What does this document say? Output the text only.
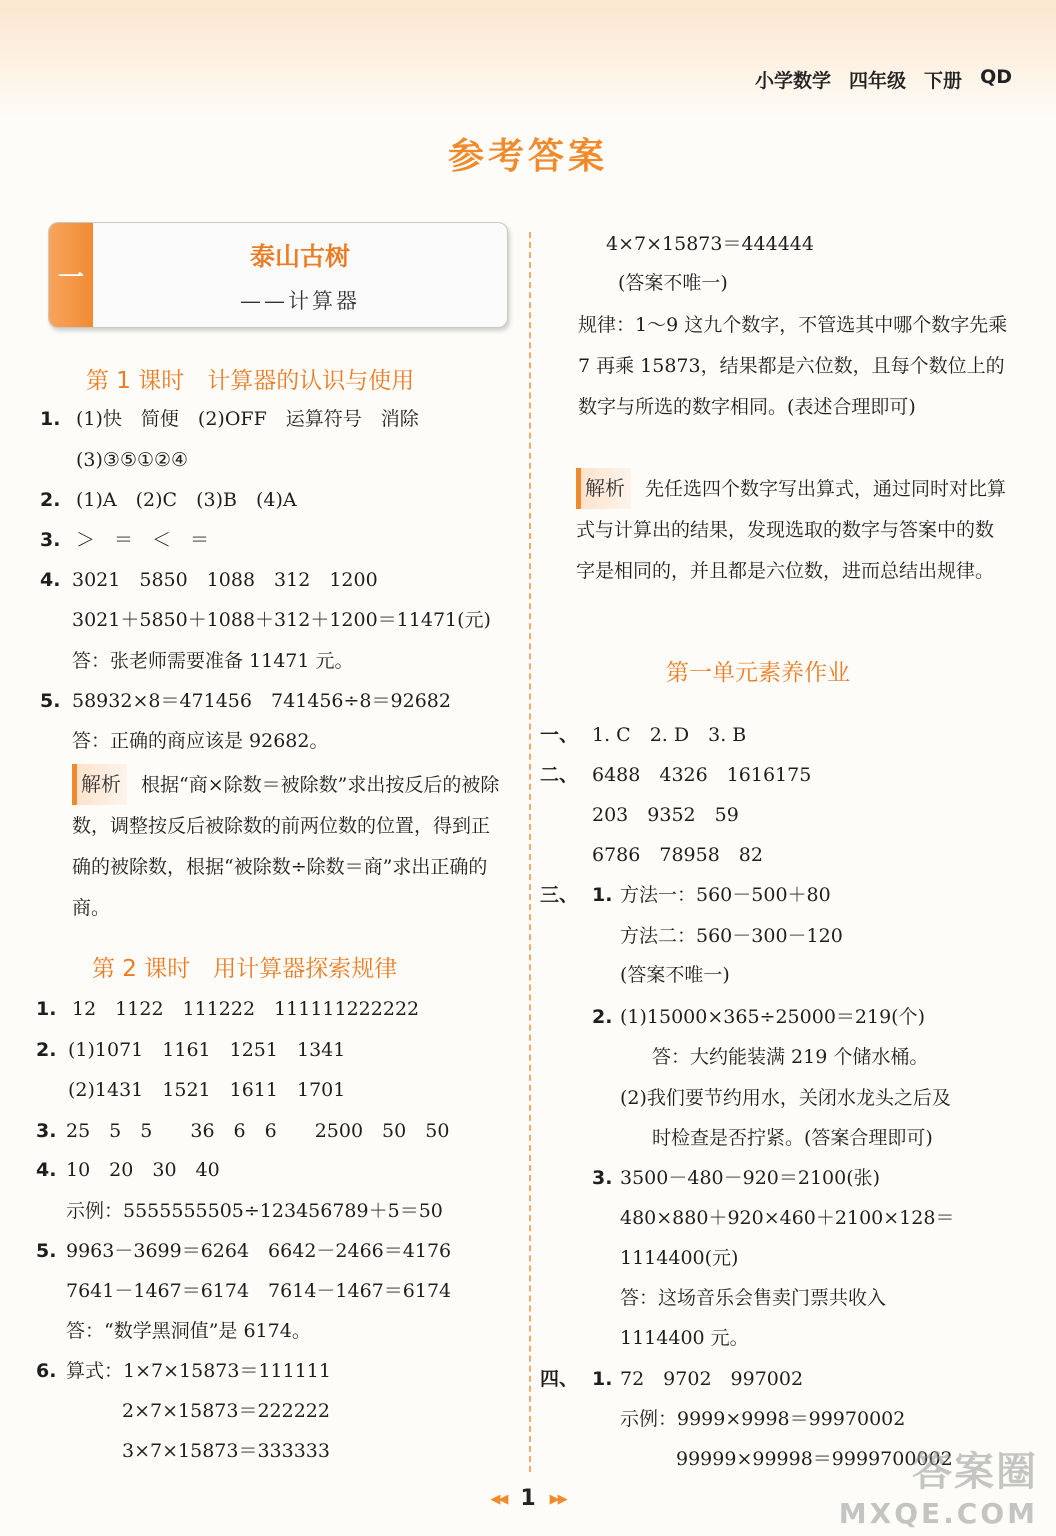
小学数学 四年级 下册 QD
参考答案
一
泰山古树
——计算器
第 1 课时　计算器的认识与使用
1. (1)快　简便　(2)OFF　运算符号　消除
(3)③⑤①②④
2. (1)A　(2)C　(3)B　(4)A
3. ＞　＝　＜　＝
4. 3021　5850　1088　312　1200
3021＋5850＋1088＋312＋1200＝11471(元)
答：张老师需要准备 11471 元。
5. 58932×8＝471456　741456÷8＝92682
答：正确的商应该是 92682。
解析 根据“商×除数＝被除数”求出按反后的被除数，调整按反后被除数的前两位数的位置，得到正确的被除数，根据“被除数÷除数＝商”求出正确的商。
第 2 课时　用计算器探索规律
1. 12　1122　111222　111111222222
2. (1)1071　1161　1251　1341
(2)1431　1521　1611　1701
3. 25　5　5　　36　6　6　　2500　50　50
4. 10　20　30　40
示例：5555555505÷123456789＋5＝50
5. 9963－3699＝6264　6642－2466＝4176
7641－1467＝6174　7614－1467＝6174
答：“数学黑洞值”是 6174。
6. 算式：1×7×15873＝111111
2×7×15873＝222222
3×7×15873＝333333
4×7×15873＝444444
(答案不唯一)
规律：1～9 这九个数字，不管选其中哪个数字先乘 7 再乘 15873，结果都是六位数，且每个数位上的数字与所选的数字相同。(表述合理即可)
解析 先任选四个数字写出算式，通过同时对比算式与计算出的结果，发现选取的数字与答案中的数字是相同的，并且都是六位数，进而总结出规律。
第一单元素养作业
一、 1. C　2. D　3. B
二、 6488　4326　1616175
203　9352　59
6786　78958　82
三、 1. 方法一：560－500＋80
方法二：560－300－120
(答案不唯一)
2. (1)15000×365÷25000＝219(个)
答：大约能装满 219 个储水桶。
(2)我们要节约用水，关闭水龙头之后及
时检查是否拧紧。(答案合理即可)
3. 3500－480－920＝2100(张)
480×880＋920×460＋2100×128＝
1114400(元)
答：这场音乐会售卖门票共收入
1114400 元。
四、 1. 72　9702　997002
示例：9999×9998＝99970002
99999×99998＝9999700002
◀◀ 1 ▶▶
答案圈
MXQE.COM
